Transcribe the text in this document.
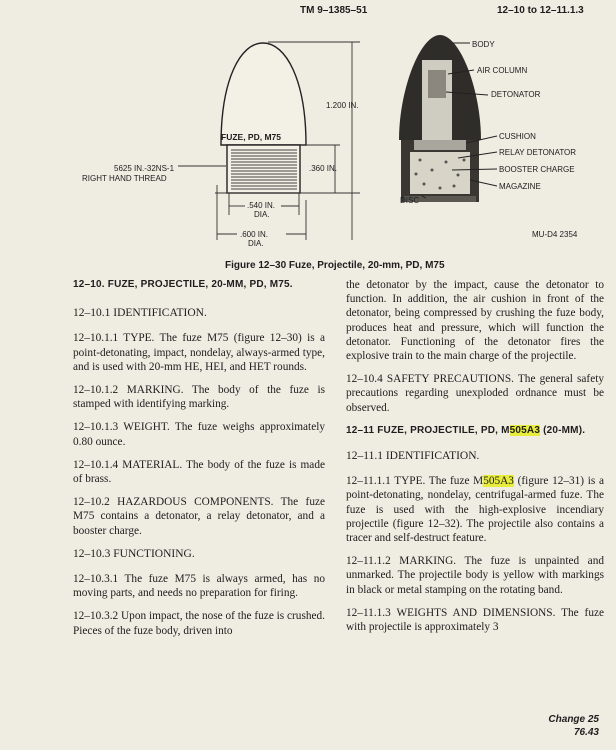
TM 9–1385–51	12–10 to 12–11.1.3
FUZE, PD, M75
1.200 IN.
5625 IN.-32NS-1
RIGHT HAND THREAD
.360 IN.
.540 IN.
DIA.
.600 IN.
DIA.
BODY
AIR COLUMN
DETONATOR
CUSHION
RELAY DETONATOR
BOOSTER CHARGE
MAGAZINE
DISC
MU-D4 2354
Figure 12–30 Fuze, Projectile, 20-mm, PD, M75

12–10. FUZE, PROJECTILE, 20-MM, PD, M75.

12–10.1 IDENTIFICATION.

12–10.1.1 TYPE. The fuze M75 (figure 12–30) is a point-detonating, impact, nondelay, always-armed type, and is used with 20-mm HE, HEI, and HET rounds.

12–10.1.2 MARKING. The body of the fuze is stamped with identifying marking.

12–10.1.3 WEIGHT. The fuze weighs approximately 0.80 ounce.

12–10.1.4 MATERIAL. The body of the fuze is made of brass.

12–10.2 HAZARDOUS COMPONENTS. The fuze M75 contains a detonator, a relay detonator, and a booster charge.

12–10.3 FUNCTIONING.

12–10.3.1 The fuze M75 is always armed, has no moving parts, and needs no preparation for firing.

12–10.3.2 Upon impact, the nose of the fuze is crushed. Pieces of the fuze body, driven into

the detonator by the impact, cause the detonator to function. In addition, the air cushion in front of the detonator, being compressed by crushing the fuze body, produces heat and pressure, which will function the detonator. Functioning of the detonator fires the explosive train to the main charge of the projectile.

12–10.4 SAFETY PRECAUTIONS. The general safety precautions regarding unexploded ordnance must be observed.

12–11 FUZE, PROJECTILE, PD, M505A3 (20-MM).

12–11.1 IDENTIFICATION.

12–11.1.1 TYPE. The fuze M505A3 (figure 12–31) is a point-detonating, nondelay, centrifugal-armed fuze. The fuze is used with the high-explosive incendiary projectile (figure 12–32). The projectile also contains a tracer and self-destruct feature.

12–11.1.2 MARKING. The fuze is unpainted and unmarked. The projectile body is yellow with markings in black or metal stamping on the rotating band.

12–11.1.3 WEIGHTS AND DIMENSIONS. The fuze with projectile is approximately 3

Change 25
76.43
